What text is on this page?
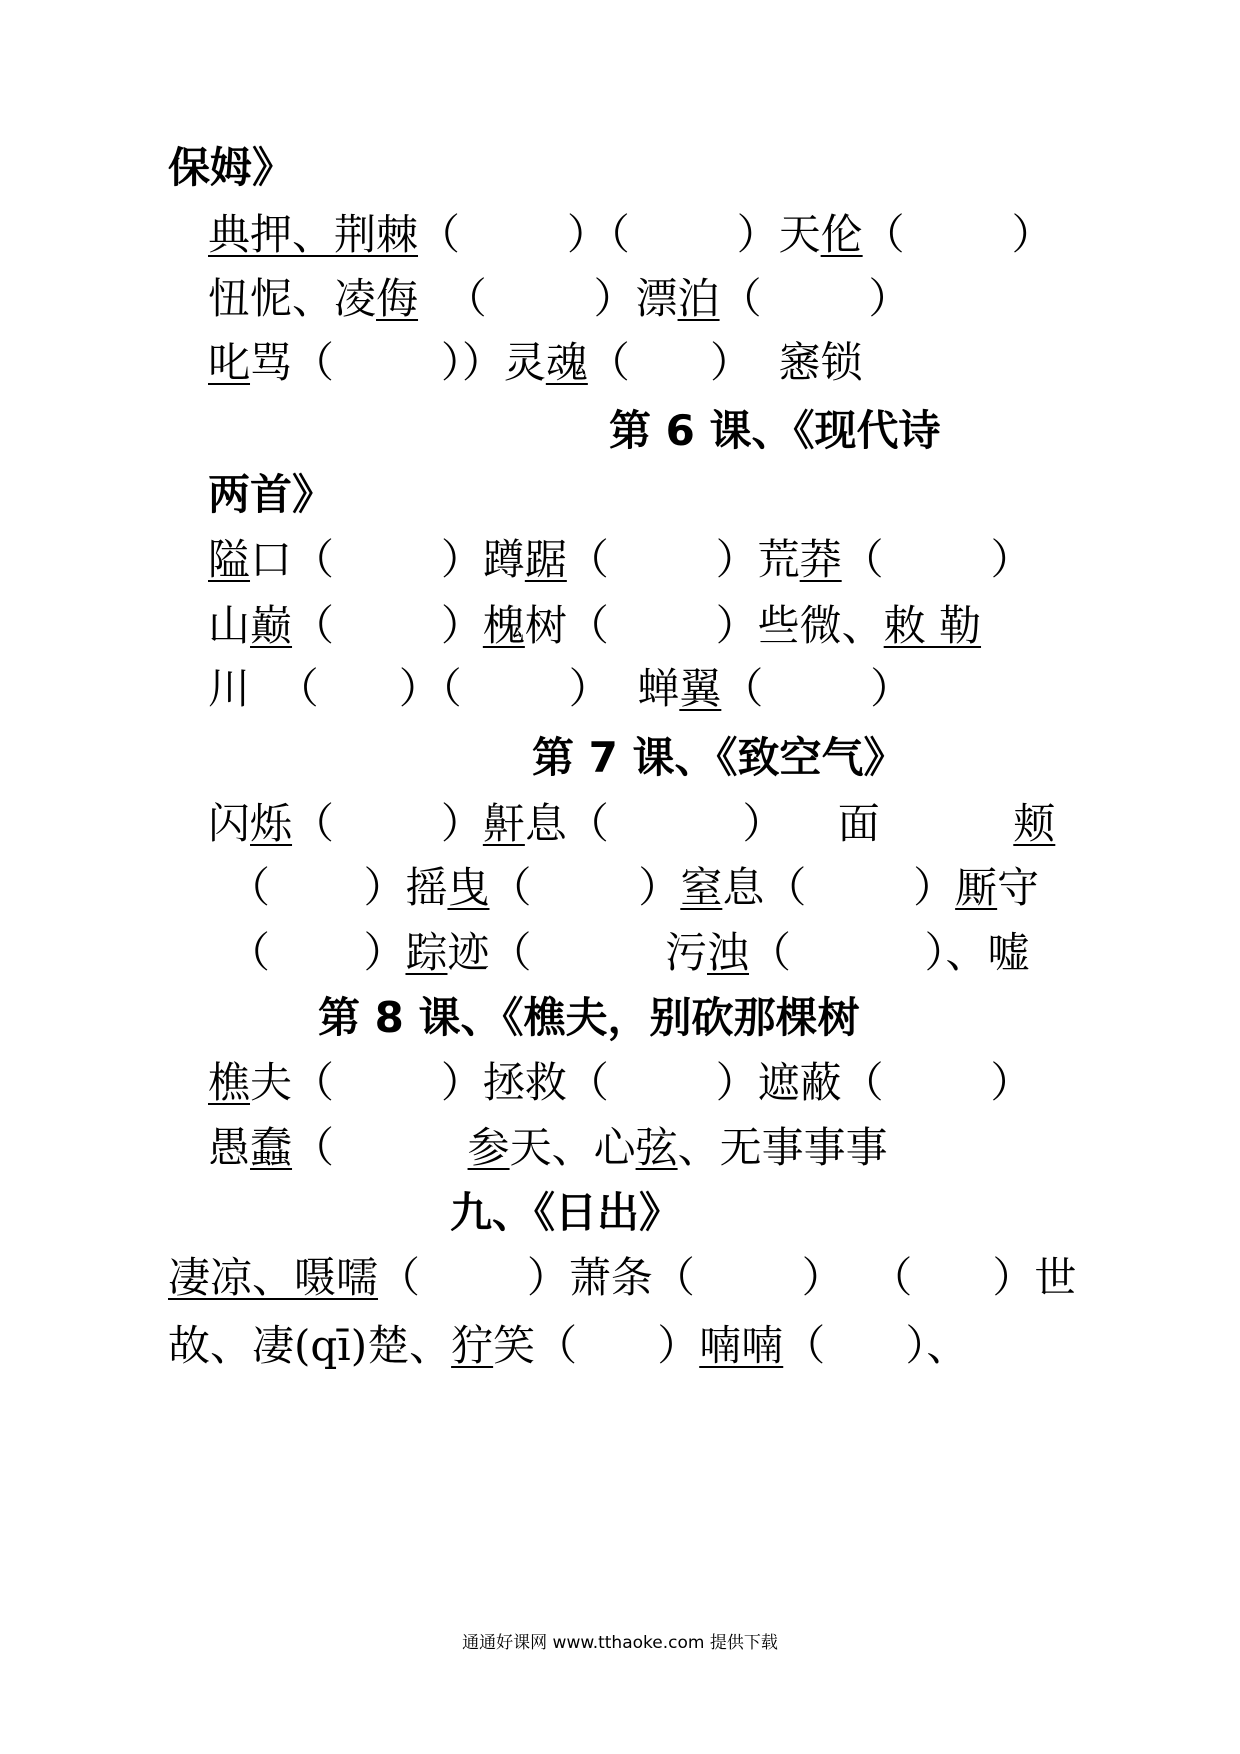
保姆》
典押、荆棘（        ）（        ）天伦（        ）
忸怩、凌侮  （        ）漂泊（        ）
叱骂（        ））灵魂（      ）  窸锁
第 6 课、《现代诗
两首》
隘口（        ）蹲踞（        ）荒莽（        ）
山巅（        ）槐树（        ）些微、敕 勒
川  （      ）（        ）  蝉翼（        ）
第 7 课、《致空气》
闪烁（        ）鼾息（          ）    面          颊
（       ）摇曳（        ）窒息（        ）厮守
（       ）踪迹（          污浊（          ）、嘘
第 8 课、《樵夫，别砍那棵树
樵夫（        ）拯救（        ）遮蔽（        ）
愚蠢（          参天、心弦、无事事事
九、《日出》
凄凉、嗫嚅（        ）萧条（        ）  （      ）世
故、凄(qī)楚、狞笑（      ）喃喃（      ）、
通通好课网 www.tthaoke.com 提供下载
